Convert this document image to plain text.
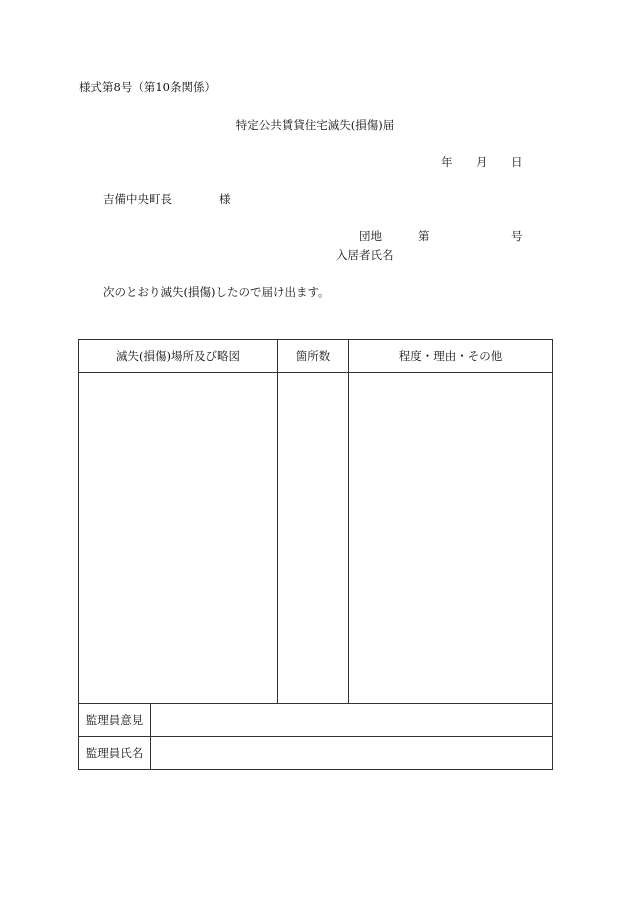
様式第8号（第10条関係）
特定公共賃貸住宅滅失(損傷)届
年 月 日
吉備中央町長	様
団地	第	号
入居者氏名
次のとおり滅失(損傷)したので届け出ます。
滅失(損傷)場所及び略図		箇所数	程度・理由・その他

監理員意見			
監理員氏名			
